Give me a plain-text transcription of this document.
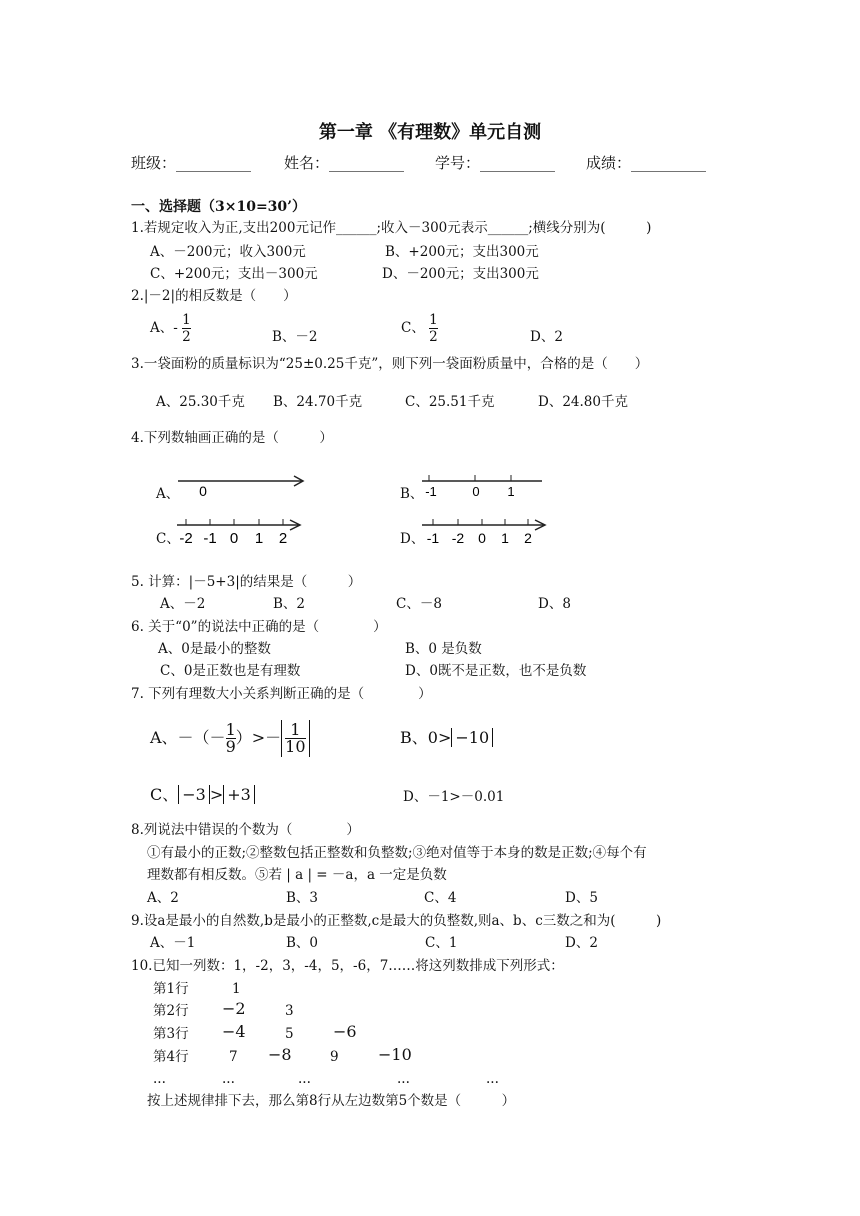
第一章 《有理数》单元自测
班级：__________ 姓名：__________ 学号：__________ 成绩：__________
一、选择题（3×10=30’）
1.若规定收入为正,支出200元记作______;收入－300元表示______;横线分别为(　　　)
A、－200元；收入300元	B、+200元；支出300元
C、+200元；支出－300元	D、－200元；支出300元
2.|－2|的相反数是（　　）
A、- $\frac{1}{2}$	B、－2
C、 $\frac{1}{2}$	D、2
3.一袋面粉的质量标识为“25±0.25千克”，则下列一袋面粉质量中，合格的是（　　）
A、25.30千克 B、24.70千克	C、25.51千克	D、24.80千克
4.下列数轴画正确的是（　　　）
A、 0	B、 -1	0 1
C、 -2 -1 0 1 2	D、 -1 -2 0 1 2
5. 计算：|－5+3|的结果是（　　　）
A、－2	B、2	C、－8	D、8
6. 关于“0”的说法中正确的是（　　　　）
A、0是最小的整数	B、0 是负数
C、0是正数也是有理数	D、0既不是正数，也不是负数
7. 下列有理数大小关系判断正确的是（　　　　）
A、－（－ $\frac{1}{9}$ ）>－ $\frac{1}{10}$	B、0> −10
C、 −3 > +3	D、－1>－0.01
8.列说法中错误的个数为（　　　　）
①有最小的正数;②整数包括正整数和负整数;③绝对值等于本身的数是正数;④每个有
理数都有相反数。⑤若 | a | = －a，a 一定是负数
A、2	B、3	C、4	D、5
9.设a是最小的自然数,b是最小的正整数,c是最大的负整数,则a、b、c三数之和为(　　　)
A、－1	B、0	C、1	D、2
10.已知一列数：1，-2，3，-4，5，-6，7……将这列数排成下列形式：
第1行	1
第2行 −2	3
第3行 −4	5 −6
第4行	7 −8	9 −10
...	...	...	...	...
按上述规律排下去，那么第8行从左边数第5个数是（　　　）
